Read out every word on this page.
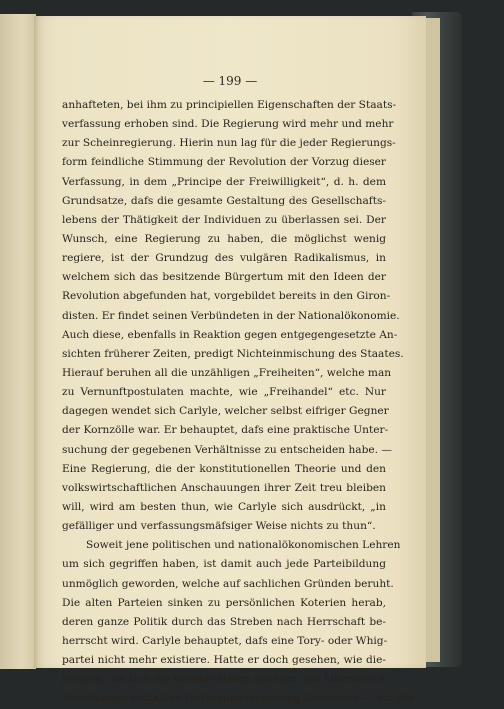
— 199 —
anhafteten, bei ihm zu principiellen Eigenschaften der Staats-
verfassung erhoben sind. Die Regierung wird mehr und mehr
zur Scheinregierung. Hierin nun lag für die jeder Regierungs-
form feindliche Stimmung der Revolution der Vorzug dieser
Verfassung, in dem „Principe der Freiwilligkeit“, d. h. dem
Grundsatze, dafs die gesamte Gestaltung des Gesellschafts-
lebens der Thätigkeit der Individuen zu überlassen sei. Der
Wunsch, eine Regierung zu haben, die möglichst wenig
regiere, ist der Grundzug des vulgären Radikalismus, in
welchem sich das besitzende Bürgertum mit den Ideen der
Revolution abgefunden hat, vorgebildet bereits in den Giron-
disten. Er findet seinen Verbündeten in der Nationalökonomie.
Auch diese, ebenfalls in Reaktion gegen entgegengesetzte An-
sichten früherer Zeiten, predigt Nichteinmischung des Staates.
Hierauf beruhen all die unzähligen „Freiheiten“, welche man
zu Vernunftpostulaten machte, wie „Freihandel“ etc. Nur
dagegen wendet sich Carlyle, welcher selbst eifriger Gegner
der Kornzölle war. Er behauptet, dafs eine praktische Unter-
suchung der gegebenen Verhältnisse zu entscheiden habe. —
Eine Regierung, die der konstitutionellen Theorie und den
volkswirtschaftlichen Anschauungen ihrer Zeit treu bleiben
will, wird am besten thun, wie Carlyle sich ausdrückt, „in
gefälliger und verfassungsmäfsiger Weise nichts zu thun“.
Soweit jene politischen und nationalökonomischen Lehren
um sich gegriffen haben, ist damit auch jede Parteibildung
unmöglich geworden, welche auf sachlichen Gründen beruht.
Die alten Parteien sinken zu persönlichen Koterien herab,
deren ganze Politik durch das Streben nach Herrschaft be-
herrscht wird. Carlyle behauptet, dafs eine Tory- oder Whig-
partei nicht mehr existiere. Hatte er doch gesehen, wie die-
jenigen, die sich die Konservativen nannten, die Liberalen in
Vorschlägen radikaler Verfassungsänderung überboten — um der
